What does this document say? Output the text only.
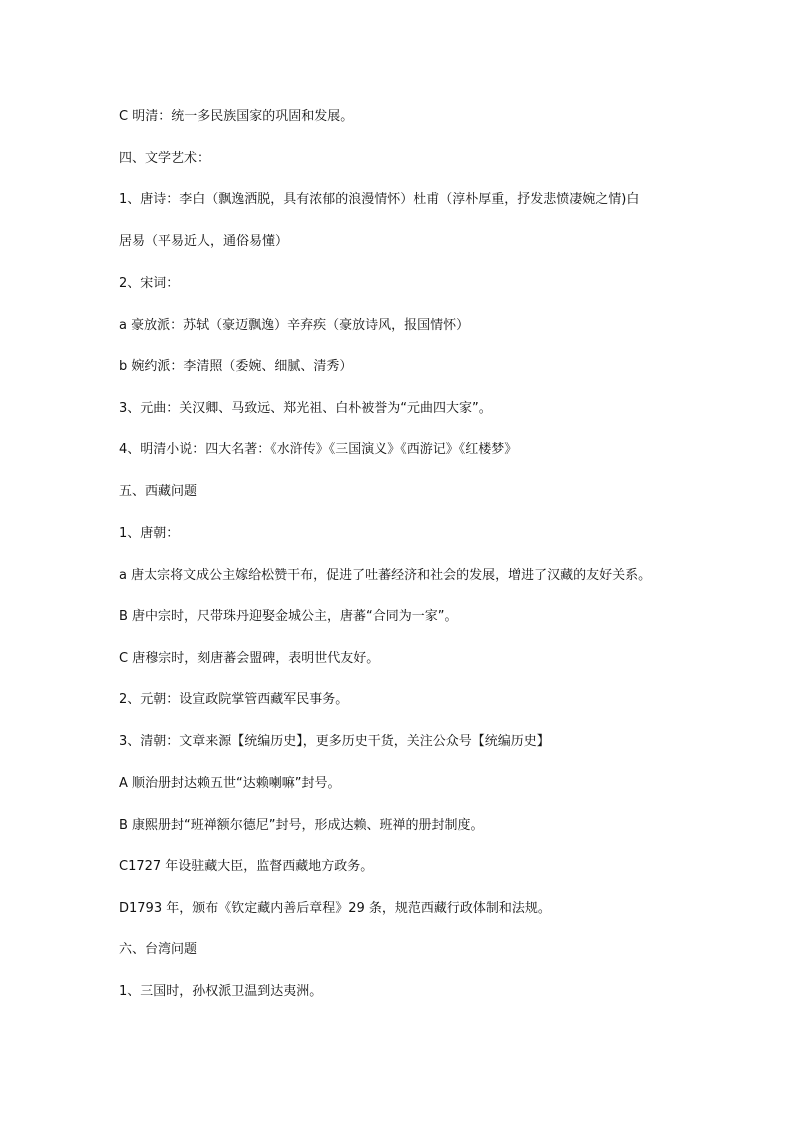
C 明清：统一多民族国家的巩固和发展。
四、文学艺术：
1、唐诗：李白（飘逸洒脱，具有浓郁的浪漫情怀）杜甫（淳朴厚重，抒发悲愤凄婉之情)白
居易（平易近人，通俗易懂）
2、宋词：
a 豪放派：苏轼（豪迈飘逸）辛弃疾（豪放诗风，报国情怀）
b 婉约派：李清照（委婉、细腻、清秀）
3、元曲：关汉卿、马致远、郑光祖、白朴被誉为“元曲四大家”。
4、明清小说：四大名著：《水浒传》《三国演义》《西游记》《红楼梦》
五、西藏问题
1、唐朝：
a 唐太宗将文成公主嫁给松赞干布，促进了吐蕃经济和社会的发展，增进了汉藏的友好关系。
B 唐中宗时，尺带珠丹迎娶金城公主，唐蕃“合同为一家”。
C 唐穆宗时，刻唐蕃会盟碑，表明世代友好。
2、元朝：设宣政院掌管西藏军民事务。
3、清朝：文章来源【统编历史】，更多历史干货，关注公众号【统编历史】
A 顺治册封达赖五世“达赖喇嘛”封号。
B 康熙册封“班禅额尔德尼”封号，形成达赖、班禅的册封制度。
C1727 年设驻藏大臣，监督西藏地方政务。
D1793 年，颁布《钦定藏内善后章程》29 条，规范西藏行政体制和法规。
六、台湾问题
1、三国时，孙权派卫温到达夷洲。
